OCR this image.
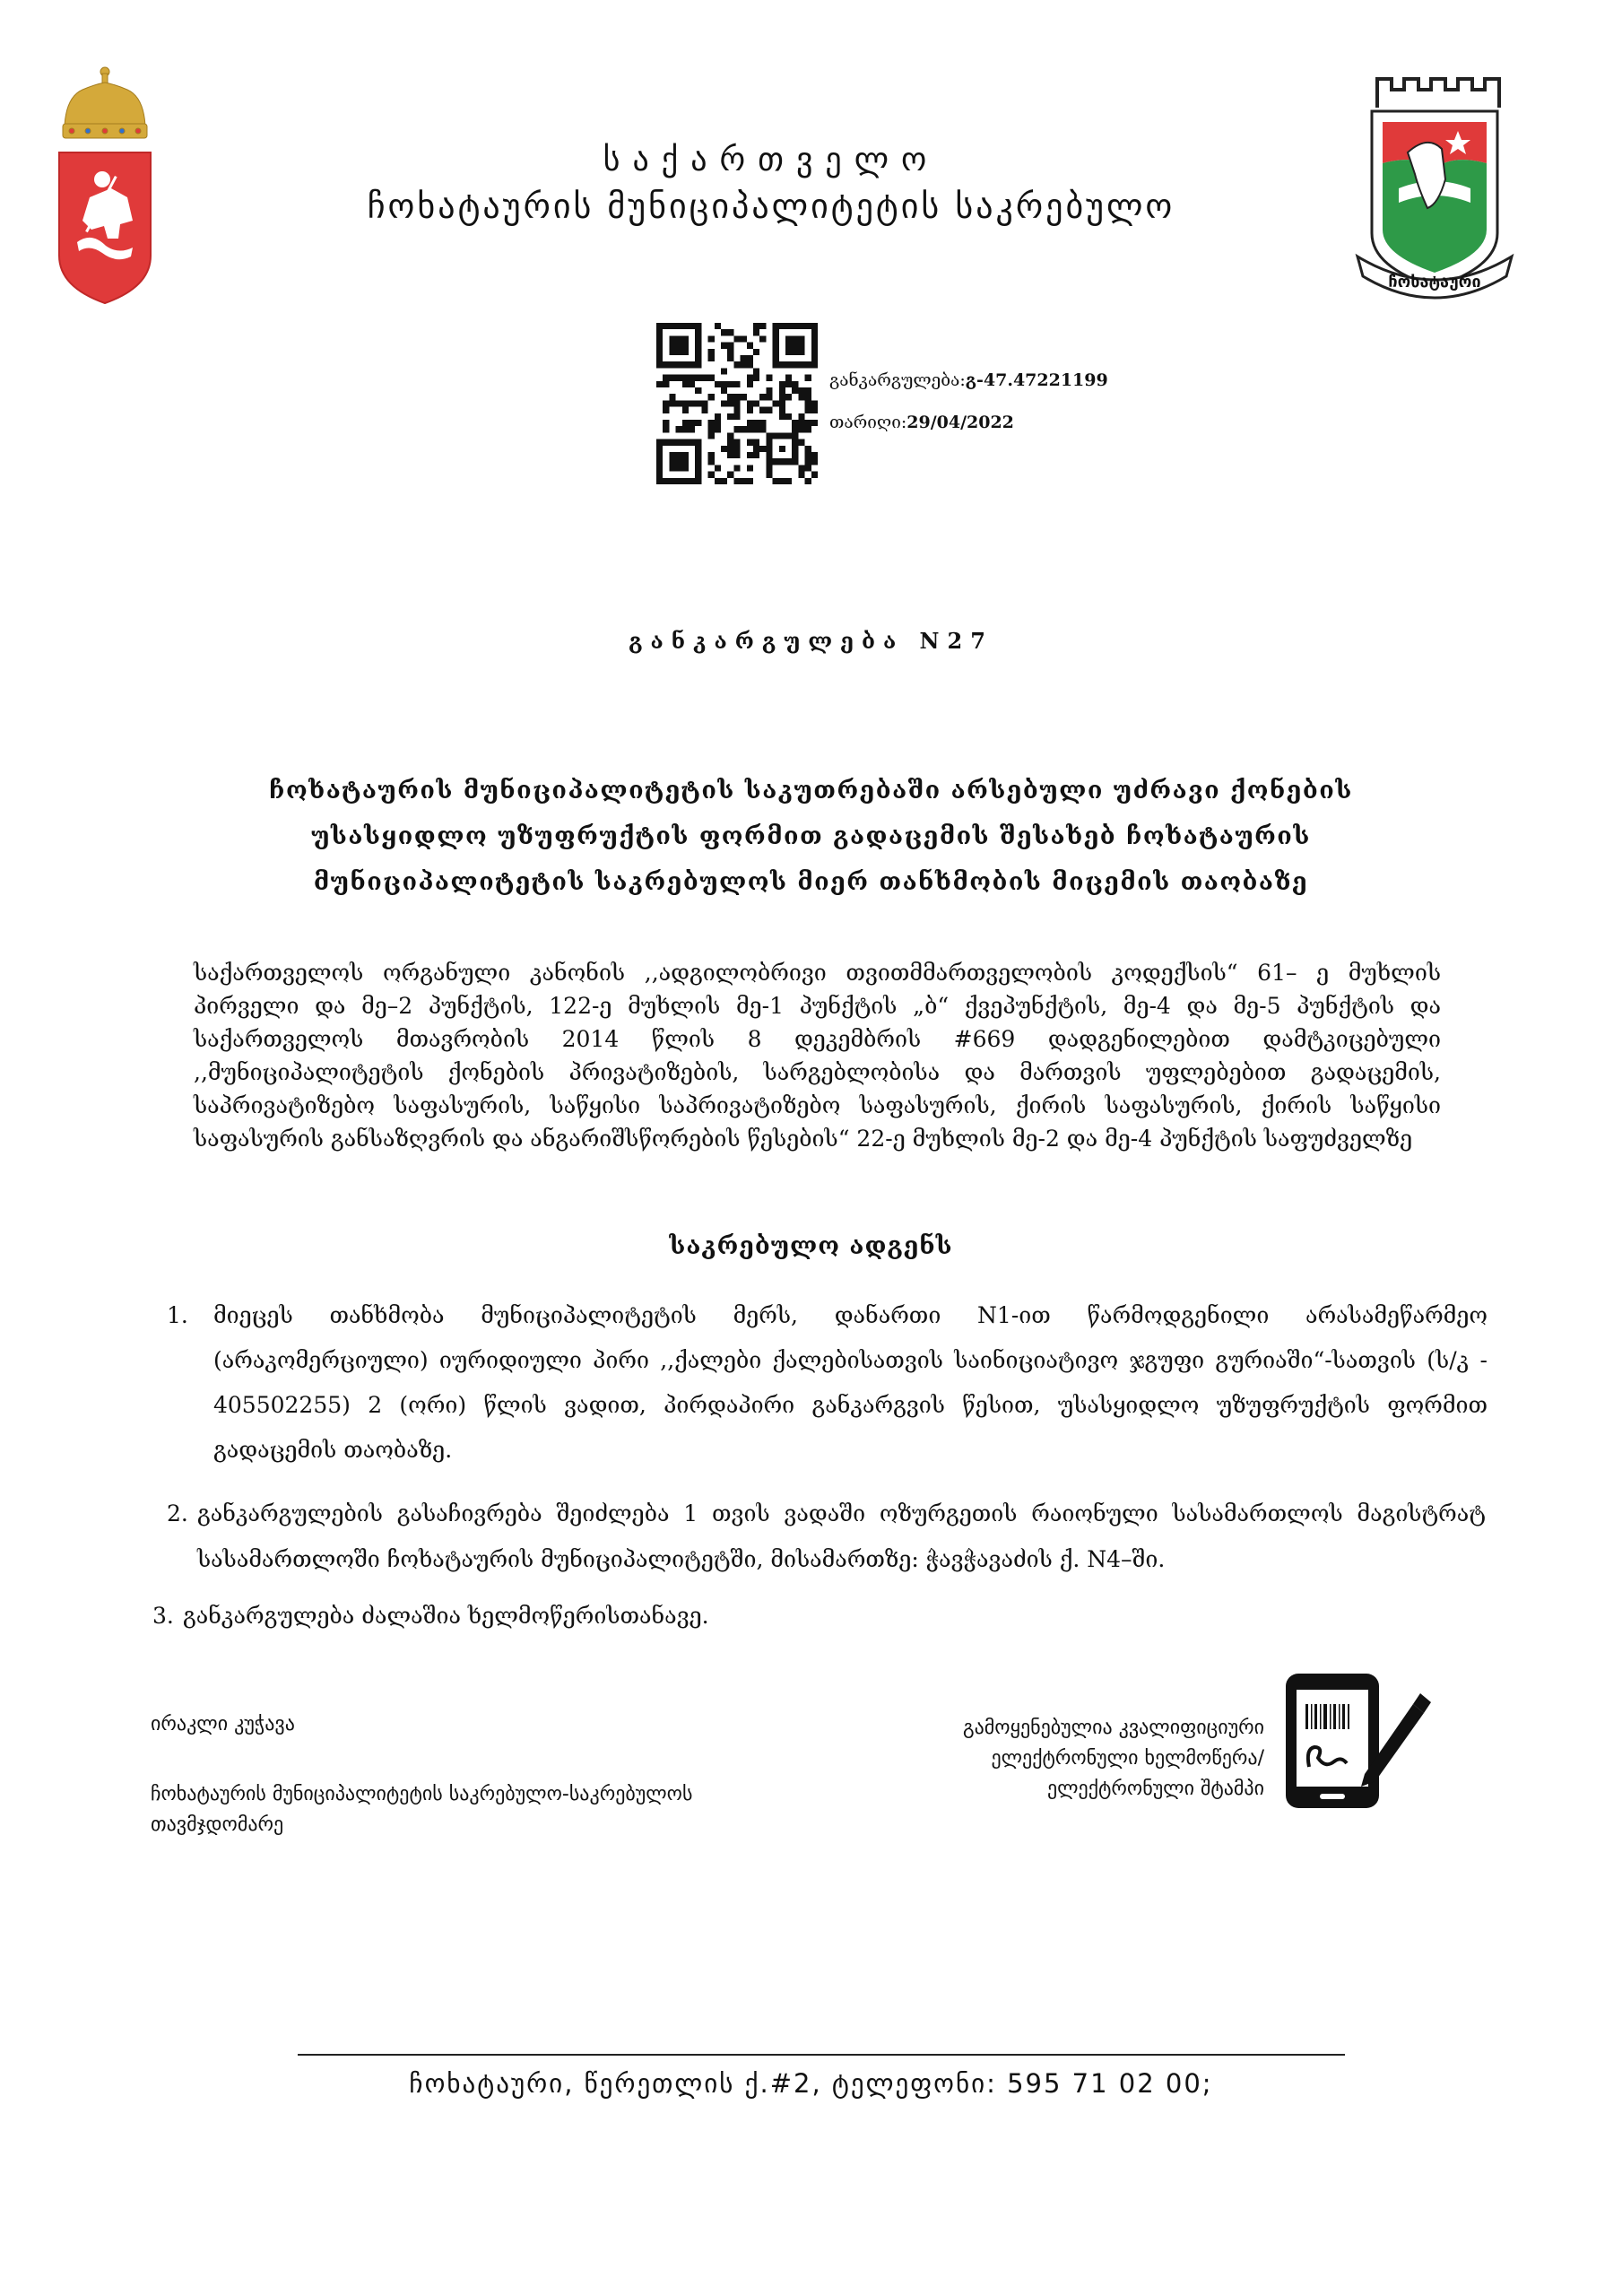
საქართველო
ჩოხატაურის მუნიციპალიტეტის საკრებულო
ჩოხატაური
განკარგულება:გ-47.47221199
თარიღი:29/04/2022
განკარგულება N27
ჩოხატაურის მუნიციპალიტეტის საკუთრებაში არსებული უძრავი ქონების უსასყიდლო უზუფრუქტის ფორმით გადაცემის შესახებ ჩოხატაურის მუნიციპალიტეტის საკრებულოს მიერ თანხმობის მიცემის თაობაზე
საქართველოს ორგანული კანონის ,,ადგილობრივი თვითმმართველობის კოდექსის“ 61– ე მუხლის პირველი და მე–2 პუნქტის, 122-ე მუხლის მე-1 პუნქტის „ბ“ ქვეპუნქტის, მე-4 და მე-5 პუნქტის და საქართველოს მთავრობის 2014 წლის 8 დეკემბრის #669 დადგენილებით დამტკიცებული ,,მუნიციპალიტეტის ქონების პრივატიზების, სარგებლობისა და მართვის უფლებებით გადაცემის, საპრივატიზებო საფასურის, საწყისი საპრივატიზებო საფასურის, ქირის საფასურის, ქირის საწყისი საფასურის განსაზღვრის და ანგარიშსწორების წესების“ 22-ე მუხლის მე-2 და მე-4 პუნქტის საფუძველზე
საკრებულო ადგენს
1. მიეცეს თანხმობა მუნიციპალიტეტის მერს, დანართი N1-ით წარმოდგენილი არასამეწარმეო (არაკომერციული) იურიდიული პირი ,,ქალები ქალებისათვის საინიციატივო ჯგუფი გურიაში“-სათვის (ს/კ - 405502255) 2 (ორი) წლის ვადით, პირდაპირი განკარგვის წესით, უსასყიდლო უზუფრუქტის ფორმით გადაცემის თაობაზე.
2. განკარგულების გასაჩივრება შეიძლება 1 თვის ვადაში ოზურგეთის რაიონული სასამართლოს მაგისტრატ სასამართლოში ჩოხატაურის მუნიციპალიტეტში, მისამართზე: ჭავჭავაძის ქ. N4–ში.
3. განკარგულება ძალაშია ხელმოწერისთანავე.
ირაკლი კუჭავა
ჩოხატაურის მუნიციპალიტეტის საკრებულო-საკრებულოს თავმჯდომარე
გამოყენებულია კვალიფიციური ელექტრონული ხელმოწერა/ ელექტრონული შტამპი
ჩოხატაური, წერეთლის ქ.#2, ტელეფონი: 595 71 02 00;
